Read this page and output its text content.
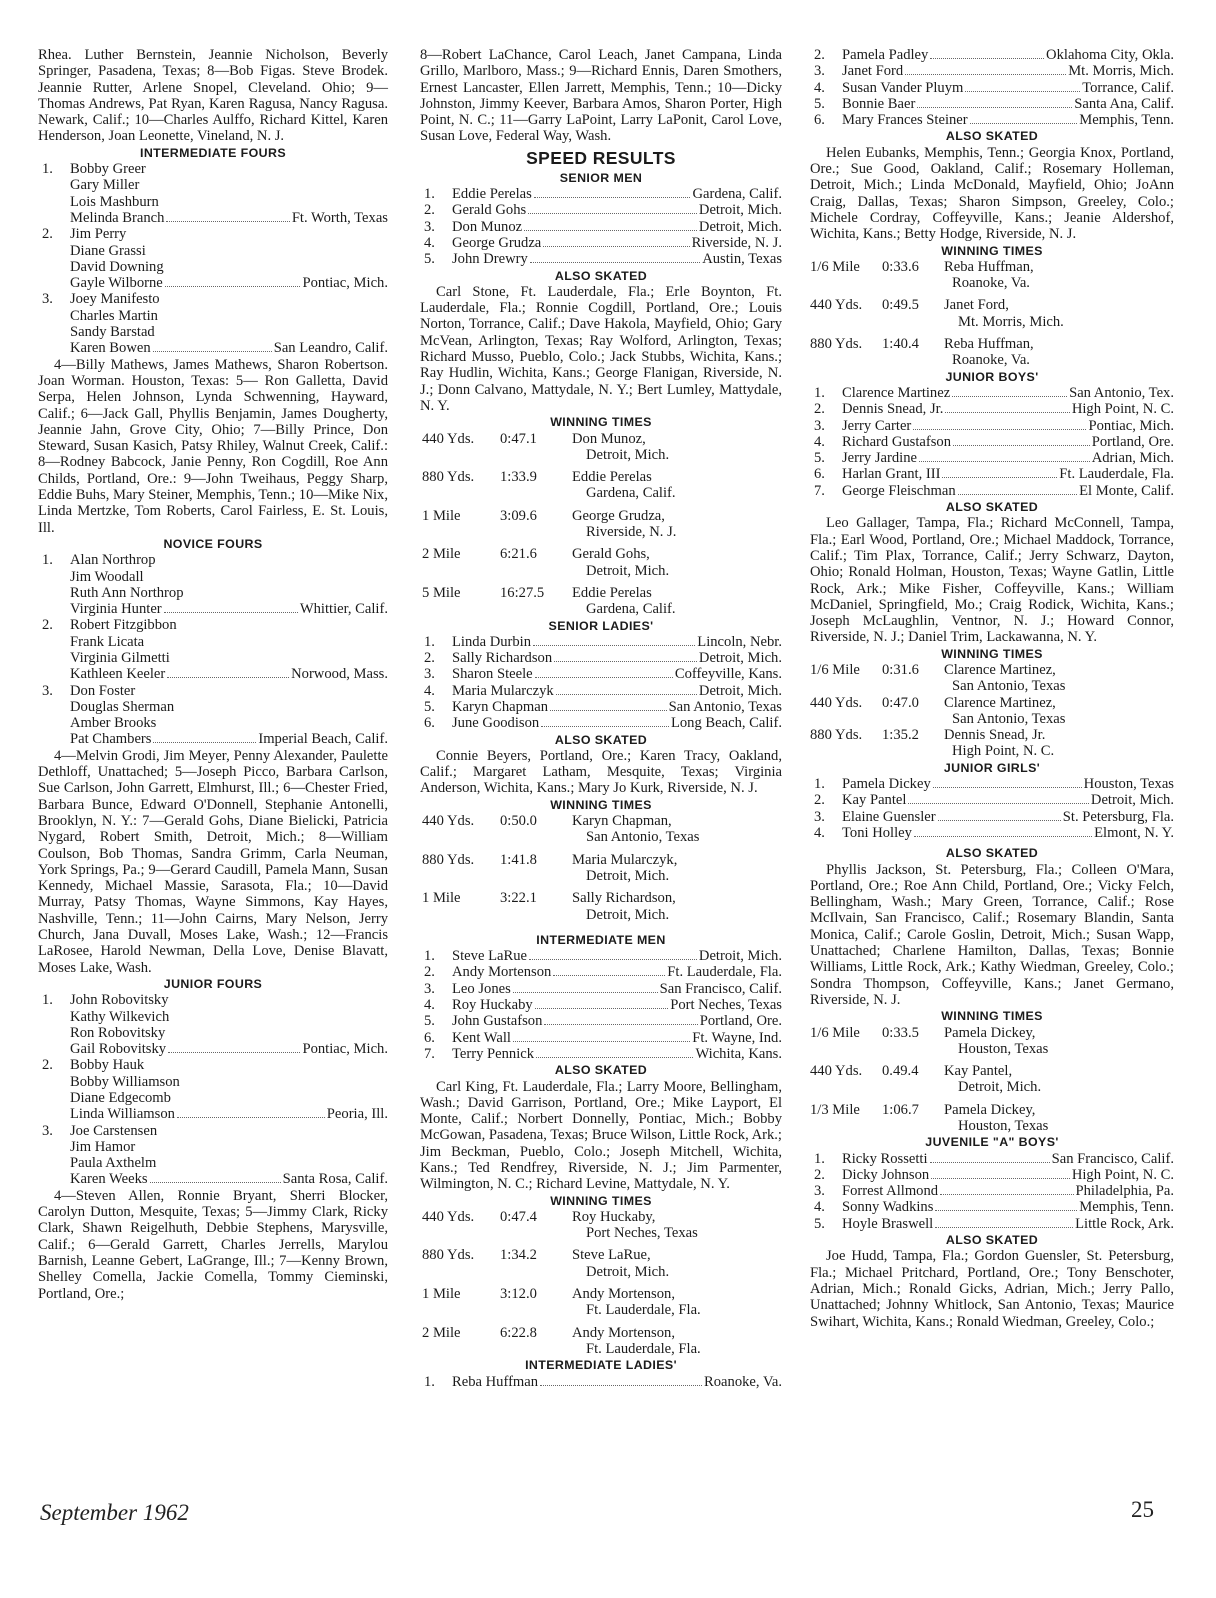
Rhea. Luther Bernstein, Jeannie Nicholson, Beverly Springer, Pasadena, Texas; 8—Bob Figas. Steve Brodek. Jeannie Rutter, Arlene Snopel, Cleveland. Ohio; 9—Thomas Andrews, Pat Ryan, Karen Ragusa, Nancy Ragusa. Newark, Calif.; 10—Charles Aulffo, Richard Kittel, Karen Henderson, Joan Leonette, Vineland, N. J.
INTERMEDIATE FOURS
1.	Bobby Greer
Gary Miller
Lois Mashburn
Melinda Branch	Ft. Worth, Texas
2.	Jim Perry
Diane Grassi
David Downing
Gayle Wilborne	Pontiac, Mich.
3.	Joey Manifesto
Charles Martin
Sandy Barstad
Karen Bowen	San Leandro, Calif.
4—Billy Mathews, James Mathews, Sharon Robertson. Joan Worman. Houston, Texas: 5— Ron Galletta, David Serpa, Helen Johnson, Lynda Schwenning, Hayward, Calif.; 6—Jack Gall, Phyllis Benjamin, James Dougherty, Jeannie Jahn, Grove City, Ohio; 7—Billy Prince, Don Steward, Susan Kasich, Patsy Rhiley, Walnut Creek, Calif.: 8—Rodney Babcock, Janie Penny, Ron Cogdill, Roe Ann Childs, Portland, Ore.: 9—John Tweihaus, Peggy Sharp, Eddie Buhs, Mary Steiner, Memphis, Tenn.; 10—Mike Nix, Linda Mertzke, Tom Roberts, Carol Fairless, E. St. Louis, Ill.
NOVICE FOURS
1.	Alan Northrop
Jim Woodall
Ruth Ann Northrop
Virginia Hunter	Whittier, Calif.
2.	Robert Fitzgibbon
Frank Licata
Virginia Gilmetti
Kathleen Keeler	Norwood, Mass.
3.	Don Foster
Douglas Sherman
Amber Brooks
Pat Chambers	Imperial Beach, Calif.
4—Melvin Grodi, Jim Meyer, Penny Alexander, Paulette Dethloff, Unattached; 5—Joseph Picco, Barbara Carlson, Sue Carlson, John Garrett, Elmhurst, Ill.; 6—Chester Fried, Barbara Bunce, Edward O'Donnell, Stephanie Antonelli, Brooklyn, N. Y.: 7—Gerald Gohs, Diane Bielicki, Patricia Nygard, Robert Smith, Detroit, Mich.; 8—William Coulson, Bob Thomas, Sandra Grimm, Carla Neuman, York Springs, Pa.; 9—Gerard Caudill, Pamela Mann, Susan Kennedy, Michael Massie, Sarasota, Fla.; 10—David Murray, Patsy Thomas, Wayne Simmons, Kay Hayes, Nashville, Tenn.; 11—John Cairns, Mary Nelson, Jerry Church, Jana Duvall, Moses Lake, Wash.; 12—Francis LaRosee, Harold Newman, Della Love, Denise Blavatt, Moses Lake, Wash.
JUNIOR FOURS
1.	John Robovitsky
Kathy Wilkevich
Ron Robovitsky
Gail Robovitsky	Pontiac, Mich.
2.	Bobby Hauk
Bobby Williamson
Diane Edgecomb
Linda Williamson	Peoria, Ill.
3.	Joe Carstensen
Jim Hamor
Paula Axthelm
Karen Weeks	Santa Rosa, Calif.
4—Steven Allen, Ronnie Bryant, Sherri Blocker, Carolyn Dutton, Mesquite, Texas; 5—Jimmy Clark, Ricky Clark, Shawn Reigelhuth, Debbie Stephens, Marysville, Calif.; 6—Gerald Garrett, Charles Jerrells, Marylou Barnish, Leanne Gebert, LaGrange, Ill.; 7—Kenny Brown, Shelley Comella, Jackie Comella, Tommy Cieminski, Portland, Ore.;
8—Robert LaChance, Carol Leach, Janet Campana, Linda Grillo, Marlboro, Mass.; 9—Richard Ennis, Daren Smothers, Ernest Lancaster, Ellen Jarrett, Memphis, Tenn.; 10—Dicky Johnston, Jimmy Keever, Barbara Amos, Sharon Porter, High Point, N. C.; 11—Garry LaPoint, Larry LaPonit, Carol Love, Susan Love, Federal Way, Wash.
SPEED RESULTS
SENIOR MEN
1.	Eddie Perelas	Gardena, Calif.
2.	Gerald Gohs	Detroit, Mich.
3.	Don Munoz	Detroit, Mich.
4.	George Grudza	Riverside, N. J.
5.	John Drewry	Austin, Texas
ALSO SKATED
Carl Stone, Ft. Lauderdale, Fla.; Erle Boynton, Ft. Lauderdale, Fla.; Ronnie Cogdill, Portland, Ore.; Louis Norton, Torrance, Calif.; Dave Hakola, Mayfield, Ohio; Gary McVean, Arlington, Texas; Ray Wolford, Arlington, Texas; Richard Musso, Pueblo, Colo.; Jack Stubbs, Wichita, Kans.; Ray Hudlin, Wichita, Kans.; George Flanigan, Riverside, N. J.; Donn Calvano, Mattydale, N. Y.; Bert Lumley, Mattydale, N. Y.
WINNING TIMES
440 Yds.	0:47.1	Don Munoz,
Detroit, Mich.
880 Yds.	1:33.9	Eddie Perelas
Gardena, Calif.
1 Mile	3:09.6	George Grudza,
Riverside, N. J.
2 Mile	6:21.6	Gerald Gohs,
Detroit, Mich.
5 Mile	16:27.5	Eddie Perelas
Gardena, Calif.
SENIOR LADIES'
1.	Linda Durbin	Lincoln, Nebr.
2.	Sally Richardson	Detroit, Mich.
3.	Sharon Steele	Coffeyville, Kans.
4.	Maria Mularczyk	Detroit, Mich.
5.	Karyn Chapman	San Antonio, Texas
6.	June Goodison	Long Beach, Calif.
ALSO SKATED
Connie Beyers, Portland, Ore.; Karen Tracy, Oakland, Calif.; Margaret Latham, Mesquite, Texas; Virginia Anderson, Wichita, Kans.; Mary Jo Kurk, Riverside, N. J.
WINNING TIMES
440 Yds.	0:50.0	Karyn Chapman,
San Antonio, Texas
880 Yds.	1:41.8	Maria Mularczyk,
Detroit, Mich.
1 Mile	3:22.1	Sally Richardson,
Detroit, Mich.
INTERMEDIATE MEN
1.	Steve LaRue	Detroit, Mich.
2.	Andy Mortenson	Ft. Lauderdale, Fla.
3.	Leo Jones	San Francisco, Calif.
4.	Roy Huckaby	Port Neches, Texas
5.	John Gustafson	Portland, Ore.
6.	Kent Wall	Ft. Wayne, Ind.
7.	Terry Pennick	Wichita, Kans.
ALSO SKATED
Carl King, Ft. Lauderdale, Fla.; Larry Moore, Bellingham, Wash.; David Garrison, Portland, Ore.; Mike Layport, El Monte, Calif.; Norbert Donnelly, Pontiac, Mich.; Bobby McGowan, Pasadena, Texas; Bruce Wilson, Little Rock, Ark.; Jim Beckman, Pueblo, Colo.; Joseph Mitchell, Wichita, Kans.; Ted Rendfrey, Riverside, N. J.; Jim Parmenter, Wilmington, N. C.; Richard Levine, Mattydale, N. Y.
WINNING TIMES
440 Yds.	0:47.4	Roy Huckaby,
Port Neches, Texas
880 Yds.	1:34.2	Steve LaRue,
Detroit, Mich.
1 Mile	3:12.0	Andy Mortenson,
Ft. Lauderdale, Fla.
2 Mile	6:22.8	Andy Mortenson,
Ft. Lauderdale, Fla.
INTERMEDIATE LADIES'
1.	Reba Huffman	Roanoke, Va.
2.	Pamela Padley	Oklahoma City, Okla.
3.	Janet Ford	Mt. Morris, Mich.
4.	Susan Vander Pluym	Torrance, Calif.
5.	Bonnie Baer	Santa Ana, Calif.
6.	Mary Frances Steiner	Memphis, Tenn.
ALSO SKATED
Helen Eubanks, Memphis, Tenn.; Georgia Knox, Portland, Ore.; Sue Good, Oakland, Calif.; Rosemary Holleman, Detroit, Mich.; Linda McDonald, Mayfield, Ohio; JoAnn Craig, Dallas, Texas; Sharon Simpson, Greeley, Colo.; Michele Cordray, Coffeyville, Kans.; Jeanie Aldershof, Wichita, Kans.; Betty Hodge, Riverside, N. J.
WINNING TIMES
1/6 Mile	0:33.6	Reba Huffman,
Roanoke, Va.
440 Yds.	0:49.5	Janet Ford,
Mt. Morris, Mich.
880 Yds.	1:40.4	Reba Huffman,
Roanoke, Va.
JUNIOR BOYS'
1.	Clarence Martinez	San Antonio, Tex.
2.	Dennis Snead, Jr.	High Point, N. C.
3.	Jerry Carter	Pontiac, Mich.
4.	Richard Gustafson	Portland, Ore.
5.	Jerry Jardine	Adrian, Mich.
6.	Harlan Grant, III	Ft. Lauderdale, Fla.
7.	George Fleischman	El Monte, Calif.
ALSO SKATED
Leo Gallager, Tampa, Fla.; Richard McConnell, Tampa, Fla.; Earl Wood, Portland, Ore.; Michael Maddock, Torrance, Calif.; Tim Plax, Torrance, Calif.; Jerry Schwarz, Dayton, Ohio; Ronald Holman, Houston, Texas; Wayne Gatlin, Little Rock, Ark.; Mike Fisher, Coffeyville, Kans.; William McDaniel, Springfield, Mo.; Craig Rodick, Wichita, Kans.; Joseph McLaughlin, Ventnor, N. J.; Howard Connor, Riverside, N. J.; Daniel Trim, Lackawanna, N. Y.
WINNING TIMES
1/6 Mile	0:31.6	Clarence Martinez,
San Antonio, Texas
440 Yds.	0:47.0	Clarence Martinez,
San Antonio, Texas
880 Yds.	1:35.2	Dennis Snead, Jr.
High Point, N. C.
JUNIOR GIRLS'
1.	Pamela Dickey	Houston, Texas
2.	Kay Pantel	Detroit, Mich.
3.	Elaine Guensler	St. Petersburg, Fla.
4.	Toni Holley	Elmont, N. Y.
ALSO SKATED
Phyllis Jackson, St. Petersburg, Fla.; Colleen O'Mara, Portland, Ore.; Roe Ann Child, Portland, Ore.; Vicky Felch, Bellingham, Wash.; Mary Green, Torrance, Calif.; Rose McIlvain, San Francisco, Calif.; Rosemary Blandin, Santa Monica, Calif.; Carole Goslin, Detroit, Mich.; Susan Wapp, Unattached; Charlene Hamilton, Dallas, Texas; Bonnie Williams, Little Rock, Ark.; Kathy Wiedman, Greeley, Colo.; Sondra Thompson, Coffeyville, Kans.; Janet Germano, Riverside, N. J.
WINNING TIMES
1/6 Mile	0:33.5	Pamela Dickey,
Houston, Texas
440 Yds.	0.49.4	Kay Pantel,
Detroit, Mich.
1/3 Mile	1:06.7	Pamela Dickey,
Houston, Texas
JUVENILE "A" BOYS'
1.	Ricky Rossetti	San Francisco, Calif.
2.	Dicky Johnson	High Point, N. C.
3.	Forrest Allmond	Philadelphia, Pa.
4.	Sonny Wadkins	Memphis, Tenn.
5.	Hoyle Braswell	Little Rock, Ark.
ALSO SKATED
Joe Hudd, Tampa, Fla.; Gordon Guensler, St. Petersburg, Fla.; Michael Pritchard, Portland, Ore.; Tony Benschoter, Adrian, Mich.; Ronald Gicks, Adrian, Mich.; Jerry Pallo, Unattached; Johnny Whitlock, San Antonio, Texas; Maurice Swihart, Wichita, Kans.; Ronald Wiedman, Greeley, Colo.;
September 1962	25
